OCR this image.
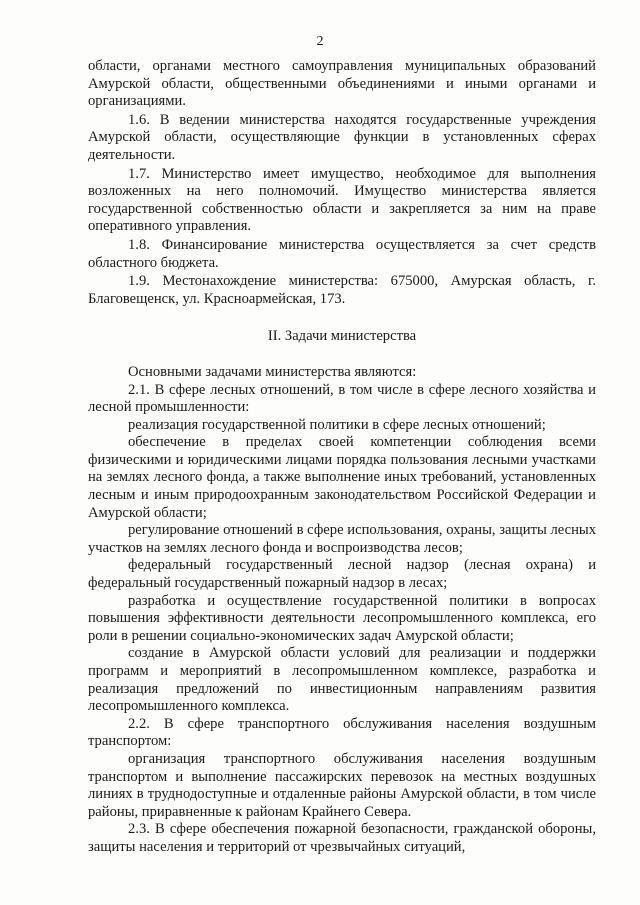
2

области, органами местного самоуправления муниципальных образований Амурской области, общественными объединениями и иными органами и организациями.

1.6. В ведении министерства находятся государственные учреждения Амурской области, осуществляющие функции в установленных сферах деятельности.

1.7. Министерство имеет имущество, необходимое для выполнения возложенных на него полномочий. Имущество министерства является государственной собственностью области и закрепляется за ним на праве оперативного управления.

1.8. Финансирование министерства осуществляется за счет средств областного бюджета.

1.9. Местонахождение министерства: 675000, Амурская область, г. Благовещенск, ул. Красноармейская, 173.

II. Задачи министерства

Основными задачами министерства являются:

2.1. В сфере лесных отношений, в том числе в сфере лесного хозяйства и лесной промышленности:

реализация государственной политики в сфере лесных отношений;

обеспечение в пределах своей компетенции соблюдения всеми физическими и юридическими лицами порядка пользования лесными участками на землях лесного фонда, а также выполнение иных требований, установленных лесным и иным природоохранным законодательством Российской Федерации и Амурской области;

регулирование отношений в сфере использования, охраны, защиты лесных участков на землях лесного фонда и воспроизводства лесов;

федеральный государственный лесной надзор (лесная охрана) и федеральный государственный пожарный надзор в лесах;

разработка и осуществление государственной политики в вопросах повышения эффективности деятельности лесопромышленного комплекса, его роли в решении социально-экономических задач Амурской области;

создание в Амурской области условий для реализации и поддержки программ и мероприятий в лесопромышленном комплексе, разработка и реализация предложений по инвестиционным направлениям развития лесопромышленного комплекса.

2.2. В сфере транспортного обслуживания населения воздушным транспортом:

организация транспортного обслуживания населения воздушным транспортом и выполнение пассажирских перевозок на местных воздушных линиях в труднодоступные и отдаленные районы Амурской области, в том числе районы, приравненные к районам Крайнего Севера.

2.3. В сфере обеспечения пожарной безопасности, гражданской обороны, защиты населения и территорий от чрезвычайных ситуаций,
